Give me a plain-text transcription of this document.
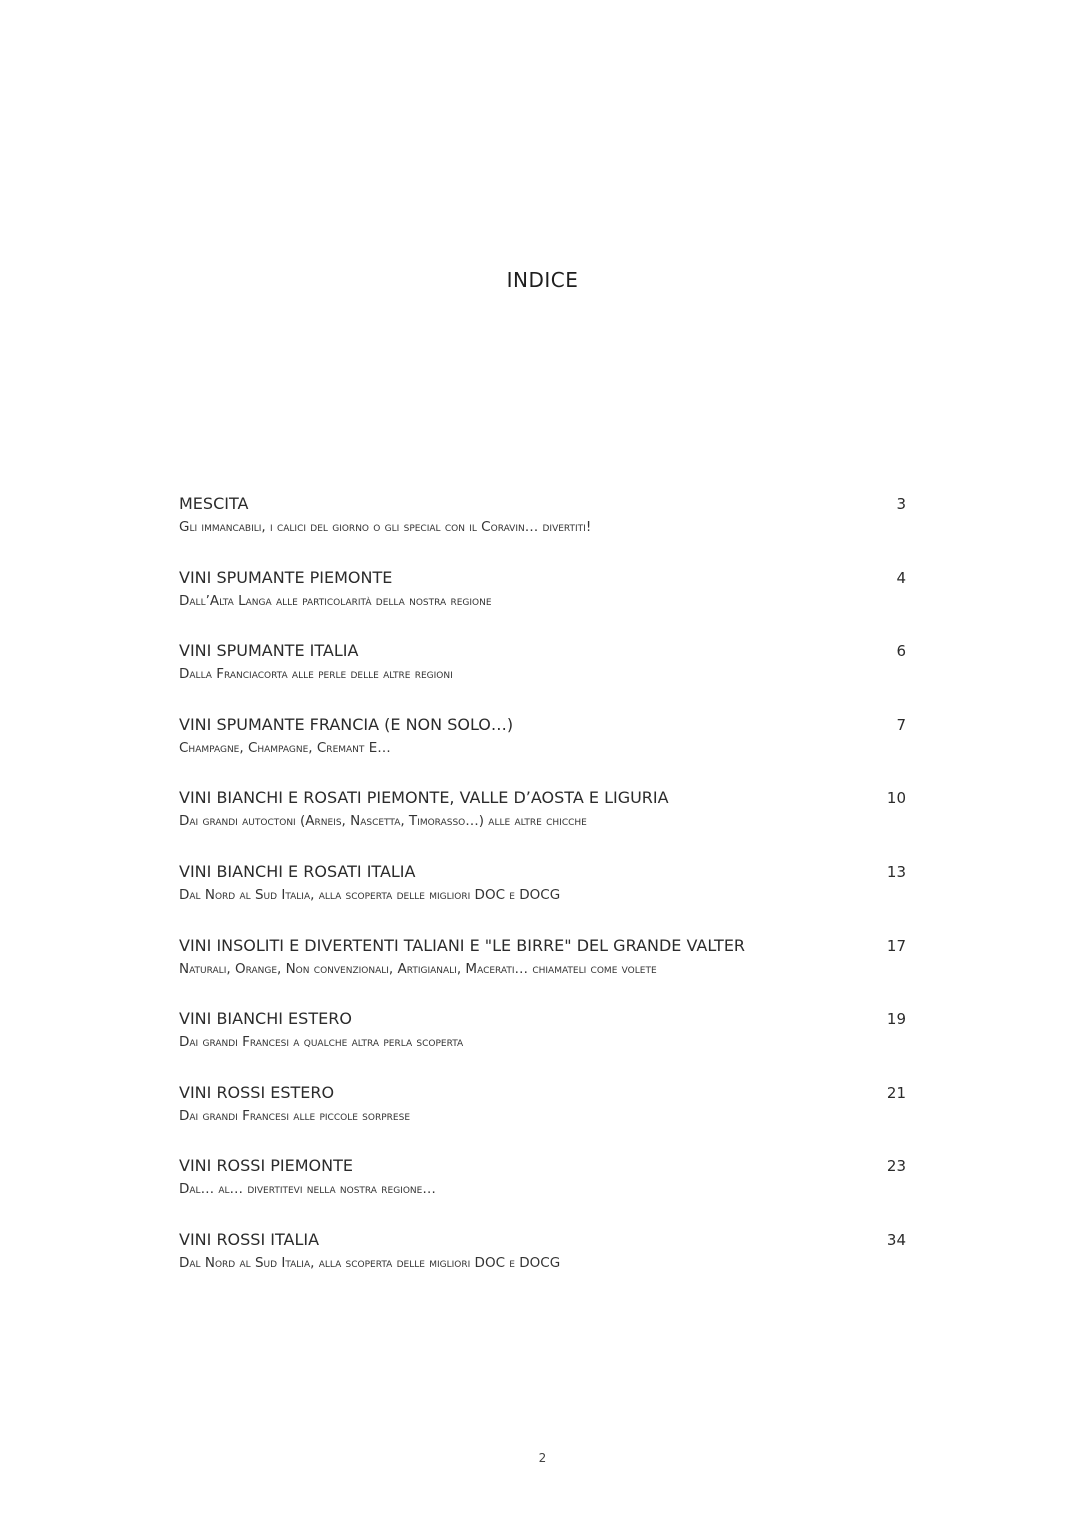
INDICE
MESCITA	3
Gli immancabili, i calici del giorno o gli special con il Coravin… divertiti!
VINI SPUMANTE PIEMONTE	4
Dall’Alta Langa alle particolarità della nostra regione
VINI SPUMANTE ITALIA	6
Dalla Franciacorta alle perle delle altre regioni
VINI SPUMANTE FRANCIA (E NON SOLO…)	7
Champagne, Champagne, Cremant E…
VINI BIANCHI E ROSATI PIEMONTE, VALLE D’AOSTA E LIGURIA	10
Dai grandi autoctoni (Arneis, Nascetta, Timorasso…) alle altre chicche
VINI BIANCHI E ROSATI ITALIA	13
Dal Nord al Sud Italia, alla scoperta delle migliori DOC e DOCG
VINI INSOLITI E DIVERTENTI TALIANI E "LE BIRRE" DEL GRANDE VALTER	17
Naturali, Orange, Non convenzionali, Artigianali, Macerati… chiamateli come volete
VINI BIANCHI ESTERO	19
Dai grandi Francesi a qualche altra perla scoperta
VINI ROSSI ESTERO	21
Dai grandi Francesi alle piccole sorprese
VINI ROSSI PIEMONTE	23
Dal… al… divertitevi nella nostra regione…
VINI ROSSI ITALIA	34
Dal Nord al Sud Italia, alla scoperta delle migliori DOC e DOCG
2
